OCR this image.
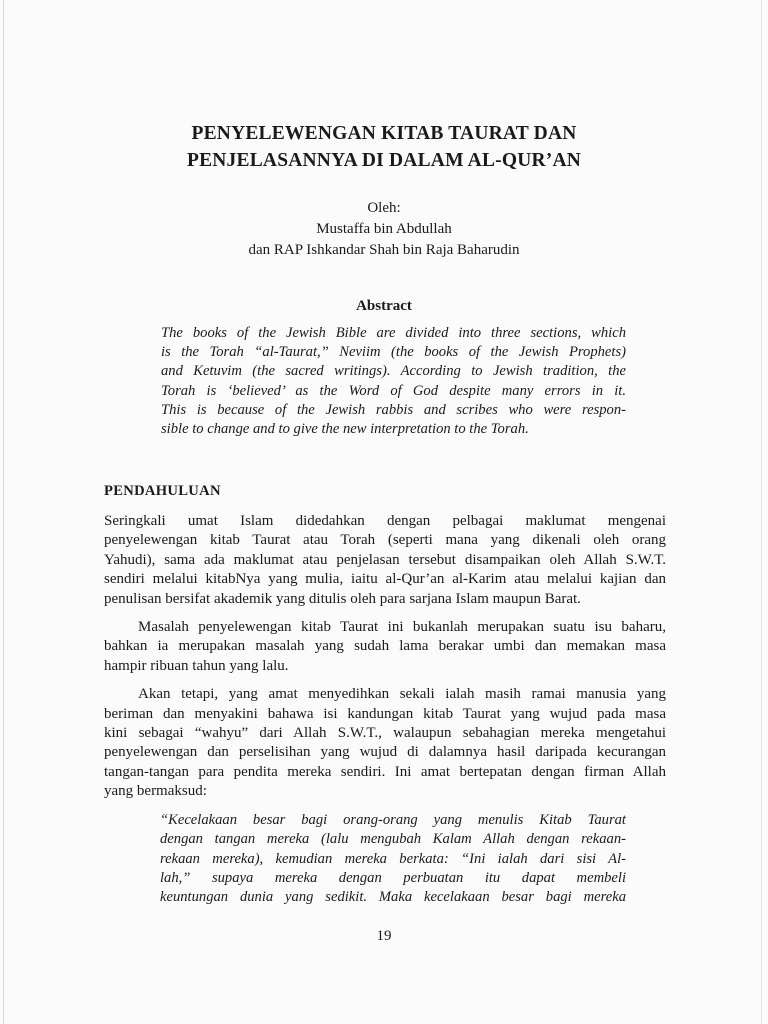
PENYELEWENGAN KITAB TAURAT DAN
PENJELASANNYA DI DALAM AL-QUR’AN
Oleh:
Mustaffa bin Abdullah
dan RAP Ishkandar Shah bin Raja Baharudin
Abstract
The books of the Jewish Bible are divided into three sections, which
is the Torah “al-Taurat,” Neviim (the books of the Jewish Prophets)
and Ketuvim (the sacred writings). According to Jewish tradition, the
Torah is ‘believed’ as the Word of God despite many errors in it.
This is because of the Jewish rabbis and scribes who were respon-
sible to change and to give the new interpretation to the Torah.
PENDAHULUAN
Seringkali umat Islam didedahkan dengan pelbagai maklumat mengenai
penyelewengan kitab Taurat atau Torah (seperti mana yang dikenali oleh orang
Yahudi), sama ada maklumat atau penjelasan tersebut disampaikan oleh Allah S.W.T.
sendiri melalui kitabNya yang mulia, iaitu al-Qur’an al-Karim atau melalui kajian dan
penulisan bersifat akademik yang ditulis oleh para sarjana Islam maupun Barat.
Masalah penyelewengan kitab Taurat ini bukanlah merupakan suatu isu baharu,
bahkan ia merupakan masalah yang sudah lama berakar umbi dan memakan masa
hampir ribuan tahun yang lalu.
Akan tetapi, yang amat menyedihkan sekali ialah masih ramai manusia yang
beriman dan menyakini bahawa isi kandungan kitab Taurat yang wujud pada masa
kini sebagai “wahyu” dari Allah S.W.T., walaupun sebahagian mereka mengetahui
penyelewengan dan perselisihan yang wujud di dalamnya hasil daripada kecurangan
tangan-tangan para pendita mereka sendiri. Ini amat bertepatan dengan firman Allah
yang bermaksud:
“Kecelakaan besar bagi orang-orang yang menulis Kitab Taurat
dengan tangan mereka (lalu mengubah Kalam Allah dengan rekaan-
rekaan mereka), kemudian mereka berkata: “Ini ialah dari sisi Al-
lah,” supaya mereka dengan perbuatan itu dapat membeli
keuntungan dunia yang sedikit. Maka kecelakaan besar bagi mereka
19
